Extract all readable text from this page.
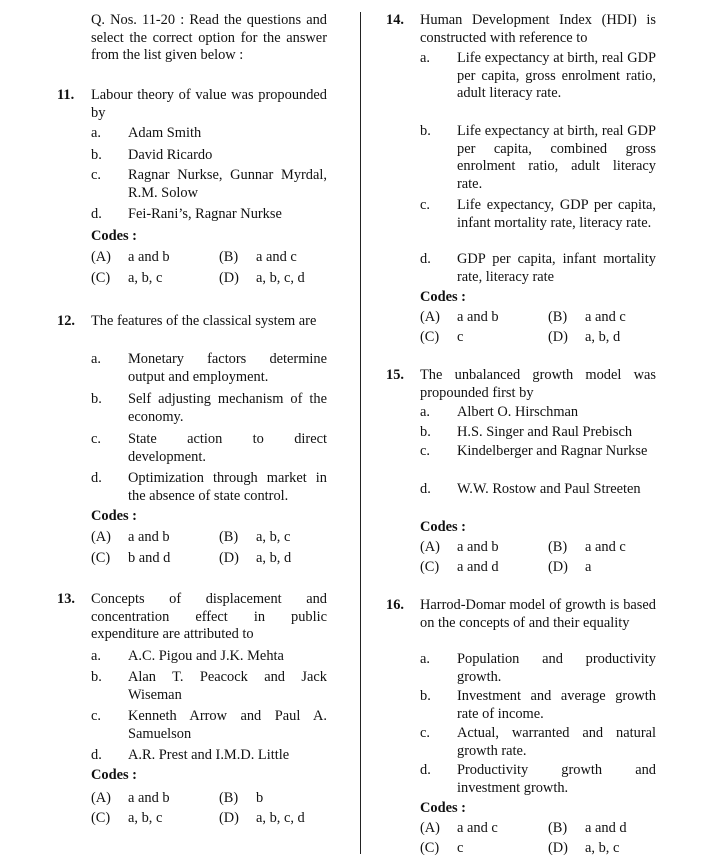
Q. Nos. 11-20 : Read the questions and select the correct option for the answer from the list given below :
11. Labour theory of value was propounded by
a. Adam Smith
b. David Ricardo
c. Ragnar Nurkse, Gunnar Myrdal, R.M. Solow
d. Fei-Rani’s, Ragnar Nurkse
Codes :
(A) a and b	(B) a and c
(C) a, b, c	(D) a, b, c, d
12. The features of the classical system are
a. Monetary factors determine output and employment.
b. Self adjusting mechanism of the economy.
c. State action to direct development.
d. Optimization through market in the absence of state control.
Codes :
(A) a and b	(B) a, b, c
(C) b and d	(D) a, b, d
13. Concepts of displacement and concentration effect in public expenditure are attributed to
a. A.C. Pigou and J.K. Mehta
b. Alan T. Peacock and Jack Wiseman
c. Kenneth Arrow and Paul A. Samuelson
d. A.R. Prest and I.M.D. Little
Codes :
(A) a and b	(B) b
(C) a, b, c	(D) a, b, c, d
14. Human Development Index (HDI) is constructed with reference to
a. Life expectancy at birth, real GDP per capita, gross enrolment ratio, adult literacy rate.
b. Life expectancy at birth, real GDP per capita, combined gross enrolment ratio, adult literacy rate.
c. Life expectancy, GDP per capita, infant mortality rate, literacy rate.
d. GDP per capita, infant mortality rate, literacy rate
Codes :
(A) a and b	(B) a and c
(C) c	(D) a, b, d
15. The unbalanced growth model was propounded first by
a. Albert O. Hirschman
b. H.S. Singer and Raul Prebisch
c. Kindelberger and Ragnar Nurkse
d. W.W. Rostow and Paul Streeten
Codes :
(A) a and b	(B) a and c
(C) a and d	(D) a
16. Harrod-Domar model of growth is based on the concepts of and their equality
a. Population and productivity growth.
b. Investment and average growth rate of income.
c. Actual, warranted and natural growth rate.
d. Productivity growth and investment growth.
Codes :
(A) a and c	(B) a and d
(C) c	(D) a, b, c
